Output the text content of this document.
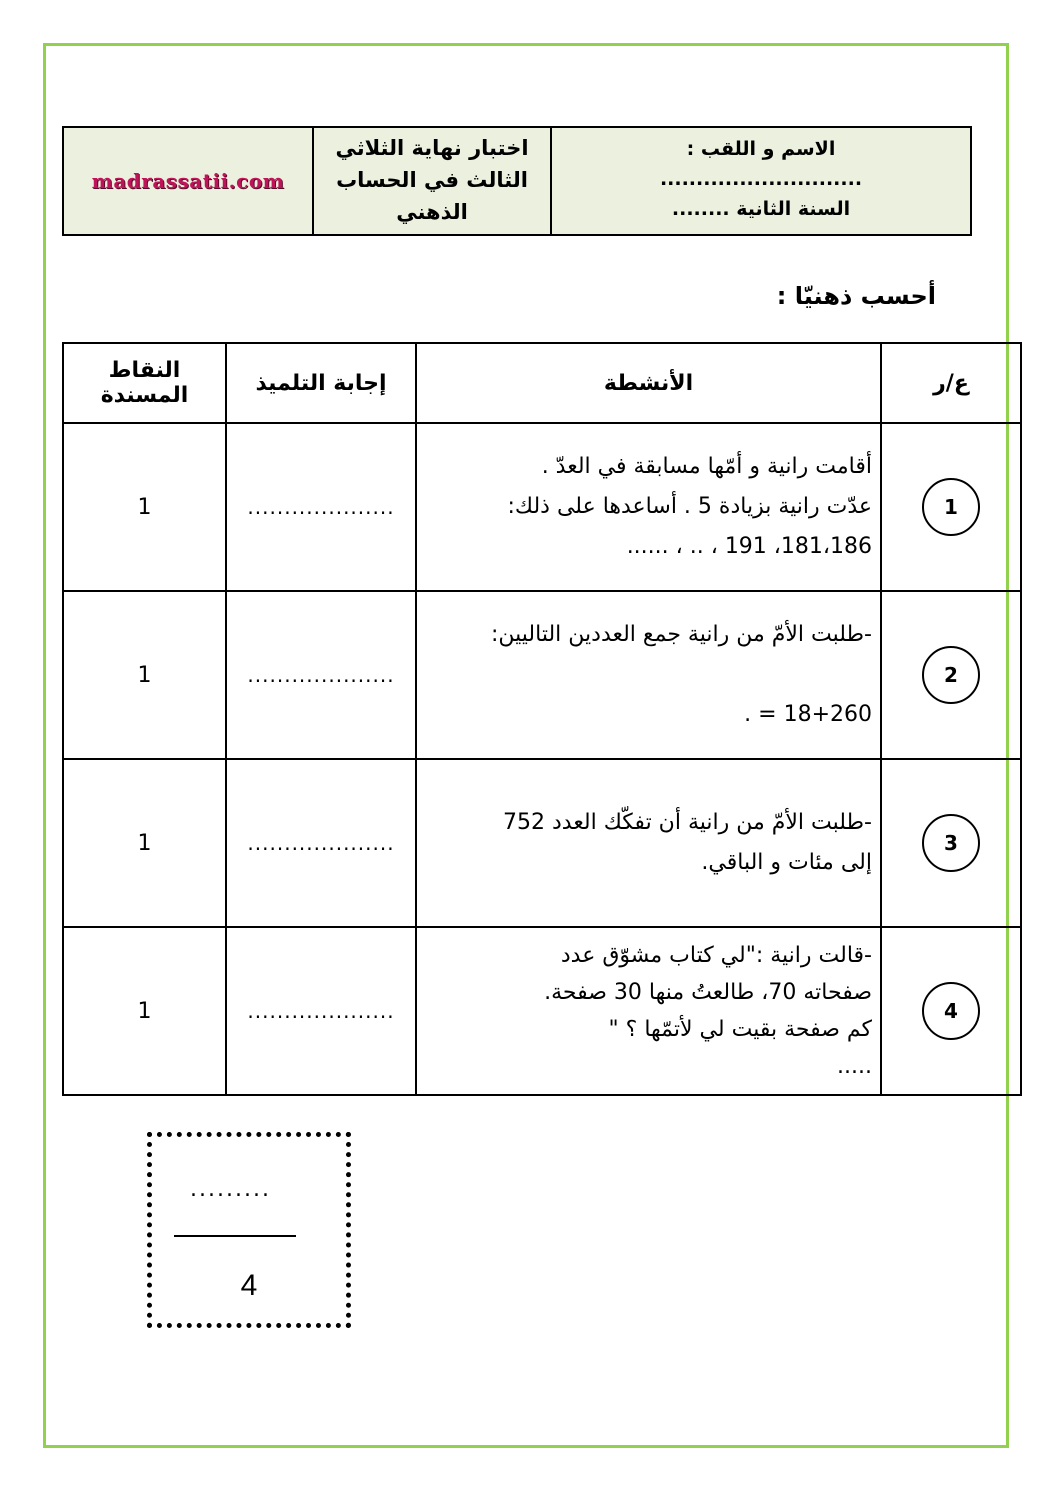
الاسم و اللقب :
............................
السنة الثانية ........
اختبار نهاية الثلاثي
الثالث في الحساب
الذهني
madrassatii.com
أحسب ذهنيّا :
ع/ر	الأنشطة	إجابة التلميذ	النقاط المسندة

1	أقامت رانية و أمّها مسابقة في العدّ .

عدّت رانية بزيادة 5 . أساعدها على ذلك:

181،186، 191 ، .. ، ......	....................	1

2	-طلبت الأمّ من رانية جمع العددين التاليين:

18+260 = .	....................	1

3	-طلبت الأمّ من رانية أن تفكّك العدد 752

إلى مئات و الباقي.	....................	1

4	-قالت رانية :"لي كتاب مشوّق عدد

صفحاته 70، طالعتُ منها 30 صفحة.

كم صفحة بقيت لي لأتمّها ؟ "

.....	....................	1
.........
4
